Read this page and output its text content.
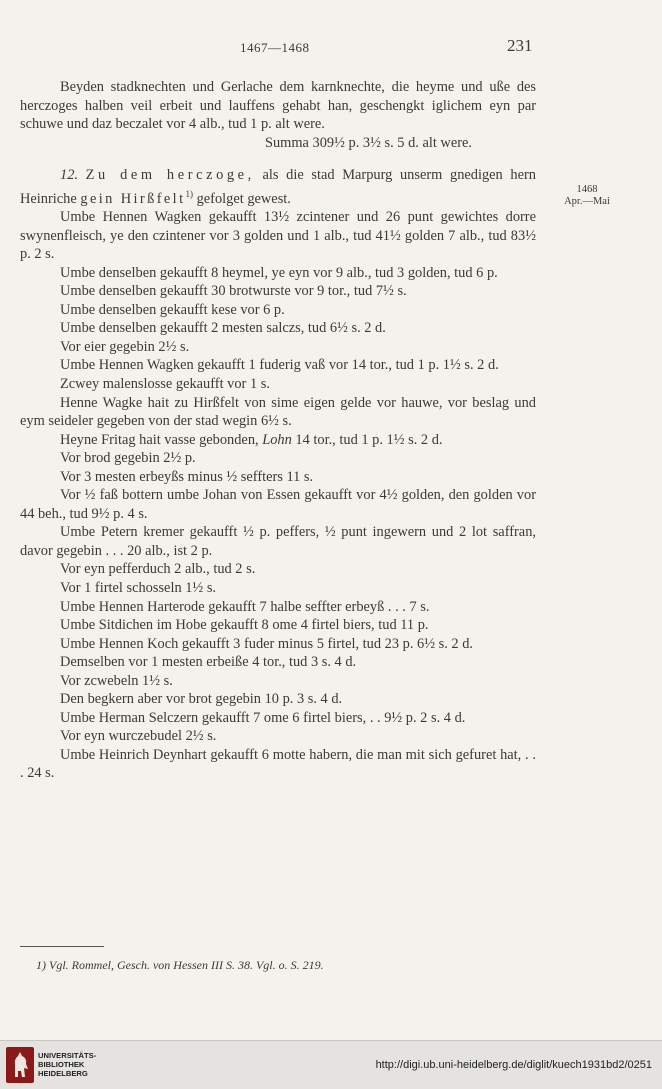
1467—1468	231
1468
Apr.—Mai

Beyden stadknechten und Gerlache dem karnknechte, die heyme und uße des herczoges halben veil erbeit und lauffens gehabt han, geschengkt iglichem eyn par schuwe und daz beczalet vor 4 alb., tud 1 p. alt were.

Summa 309½ p. 3½ s. 5 d. alt were.

12. Zu dem herczoge, als die stad Marpurg unserm gnedigen hern Heinriche gein Hirßfelt$^{1)}$ gefolget gewest.

Umbe Hennen Wagken gekaufft 13½ zcintener und 26 punt gewichtes dorre swynenfleisch, ye den czintener vor 3 golden und 1 alb., tud 41½ golden 7 alb., tud 83½ p. 2 s.

Umbe denselben gekaufft 8 heymel, ye eyn vor 9 alb., tud 3 golden, tud 6 p.

Umbe denselben gekaufft 30 brotwurste vor 9 tor., tud 7½ s.

Umbe denselben gekaufft kese vor 6 p.

Umbe denselben gekaufft 2 mesten salczs, tud 6½ s. 2 d.

Vor eier gegebin 2½ s.

Umbe Hennen Wagken gekaufft 1 fuderig vaß vor 14 tor., tud 1 p. 1½ s. 2 d.

Zcwey malenslosse gekaufft vor 1 s.

Henne Wagke hait zu Hirßfelt von sime eigen gelde vor hauwe, vor beslag und eym seideler gegeben von der stad wegin 6½ s.

Heyne Fritag hait vasse gebonden, Lohn 14 tor., tud 1 p. 1½ s. 2 d.

Vor brod gegebin 2½ p.

Vor 3 mesten erbeyßs minus ½ seffters 11 s.

Vor ½ faß bottern umbe Johan von Essen gekaufft vor 4½ golden, den golden vor 44 beh., tud 9½ p. 4 s.

Umbe Petern kremer gekaufft ½ p. peffers, ½ punt ingewern und 2 lot saffran, davor gegebin . . . 20 alb., ist 2 p.

Vor eyn pefferduch 2 alb., tud 2 s.

Vor 1 firtel schosseln 1½ s.

Umbe Hennen Harterode gekaufft 7 halbe seffter erbeyß . . . 7 s.

Umbe Sitdichen im Hobe gekaufft 8 ome 4 firtel biers, tud 11 p.

Umbe Hennen Koch gekaufft 3 fuder minus 5 firtel, tud 23 p. 6½ s. 2 d.

Demselben vor 1 mesten erbeiße 4 tor., tud 3 s. 4 d.

Vor zcwebeln 1½ s.

Den begkern aber vor brot gegebin 10 p. 3 s. 4 d.

Umbe Herman Selczern gekaufft 7 ome 6 firtel biers, . . 9½ p. 2 s. 4 d.

Vor eyn wurczebudel 2½ s.

Umbe Heinrich Deynhart gekaufft 6 motte habern, die man mit sich gefuret hat, . . . 24 s.

1) Vgl. Rommel, Gesch. von Hessen III S. 38. Vgl. o. S. 219.
UNIVERSITÄTS-
BIBLIOTHEK
HEIDELBERG
http://digi.ub.uni-heidelberg.de/diglit/kuech1931bd2/0251
